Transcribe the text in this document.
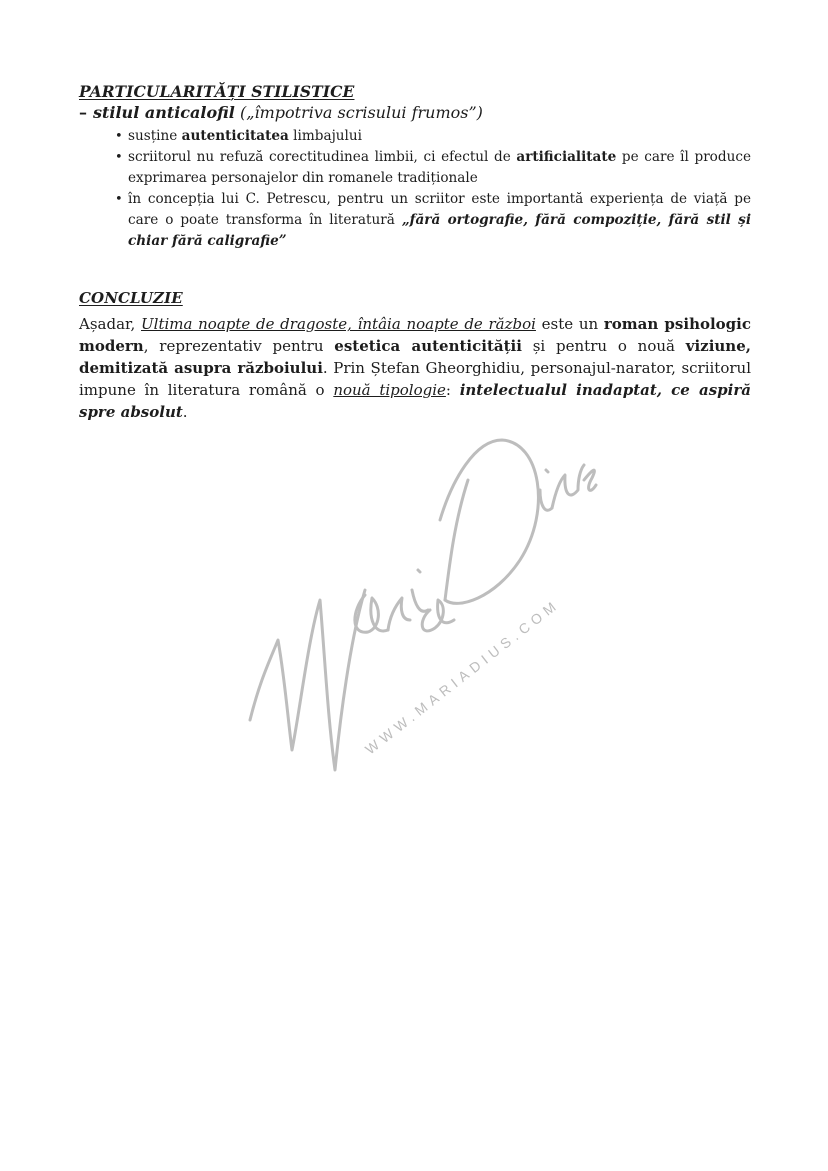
PARTICULARITĂȚI STILISTICE

– stilul anticalofil („împotriva scrisului frumos”)

• susține autenticitatea limbajului
• scriitorul nu refuză corectitudinea limbii, ci efectul de artificialitate pe care îl produce exprimarea personajelor din romanele tradiționale
• în concepția lui C. Petrescu, pentru un scriitor este importantă experiența de viață pe care o poate transforma în literatură „fără ortografie, fără compoziție, fără stil și chiar fără caligrafie”

CONCLUZIE

Așadar, Ultima noapte de dragoste, întâia noapte de război este un roman psihologic modern, reprezentativ pentru estetica autenticității și pentru o nouă viziune, demitizată asupra războiului. Prin Ștefan Gheorghidiu, personajul-narator, scriitorul impune în literatura română o nouă tipologie: intelectualul inadaptat, ce aspiră spre absolut.

WWW.MARIADIUS.COM
